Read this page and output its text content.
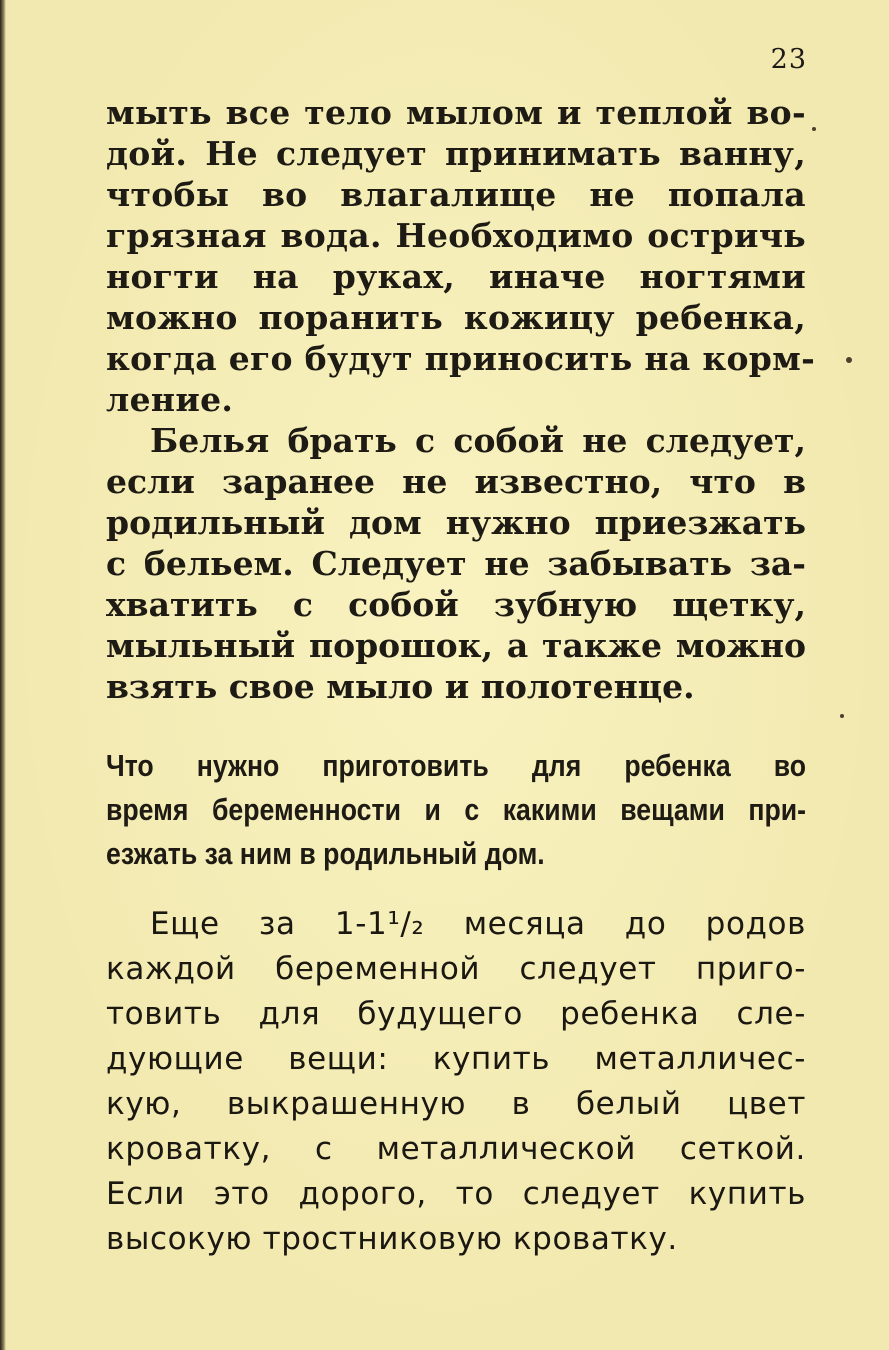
23
мыть все тело мылом и теплой во-
дой. Не следует принимать ванну,
чтобы во влагалище не попала
грязная вода. Необходимо остричь
ногти на руках, иначе ногтями
можно поранить кожицу ребенка,
когда его будут приносить на корм-
ление.
Белья брать с собой не следует,
если заранее не известно, что в
родильный дом нужно приезжать
с бельем. Следует не забывать за-
хватить с собой зубную щетку,
мыльный порошок, а также можно
взять свое мыло и полотенце.
Что нужно приготовить для ребенка во
время беременности и с какими вещами при-
езжать за ним в родильный дом.
Еще за 1-1¹/₂ месяца до родов
каждой беременной следует приго-
товить для будущего ребенка сле-
дующие вещи: купить металличес-
кую, выкрашенную в белый цвет
кроватку, с металлической сеткой.
Если это дорого, то следует купить
высокую тростниковую кроватку.
